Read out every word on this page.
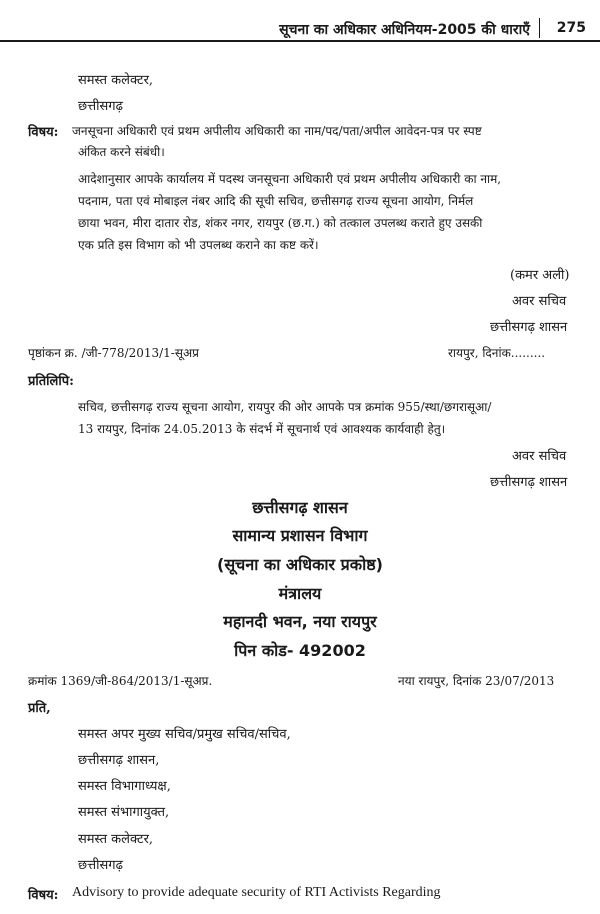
सूचना का अधिकार अधिनियम-2005 की धाराएँ 275
समस्त कलेक्टर,
छत्तीसगढ़
विषय: जनसूचना अधिकारी एवं प्रथम अपीलीय अधिकारी का नाम/पद/पता/अपील आवेदन-पत्र पर स्पष्ट
अंकित करने संबंधी।
आदेशानुसार आपके कार्यालय में पदस्थ जनसूचना अधिकारी एवं प्रथम अपीलीय अधिकारी का नाम,
पदनाम, पता एवं मोबाइल नंबर आदि की सूची सचिव, छत्तीसगढ़ राज्य सूचना आयोग, निर्मल
छाया भवन, मीरा दातार रोड, शंकर नगर, रायपुर (छ.ग.) को तत्काल उपलब्ध कराते हुए उसकी
एक प्रति इस विभाग को भी उपलब्ध कराने का कष्ट करें।
(कमर अली)
अवर सचिव
छत्तीसगढ़ शासन
पृष्ठांकन क्र. /जी-778/2013/1-सूअप्र	रायपुर, दिनांक.........
प्रतिलिपि:
सचिव, छत्तीसगढ़ राज्य सूचना आयोग, रायपुर की ओर आपके पत्र क्रमांक 955/स्था/छगरासूआ/
13 रायपुर, दिनांक 24.05.2013 के संदर्भ में सूचनार्थ एवं आवश्यक कार्यवाही हेतु।
अवर सचिव
छत्तीसगढ़ शासन
छत्तीसगढ़ शासन
सामान्य प्रशासन विभाग
(सूचना का अधिकार प्रकोष्ठ)
मंत्रालय
महानदी भवन, नया रायपुर
पिन कोड- 492002
क्रमांक 1369/जी-864/2013/1-सूअप्र.	नया रायपुर, दिनांक 23/07/2013
प्रति,
समस्त अपर मुख्य सचिव/प्रमुख सचिव/सचिव,
छत्तीसगढ़ शासन,
समस्त विभागाध्यक्ष,
समस्त संभागायुक्त,
समस्त कलेक्टर,
छत्तीसगढ़
विषय: Advisory to provide adequate security of RTI Activists Regarding
